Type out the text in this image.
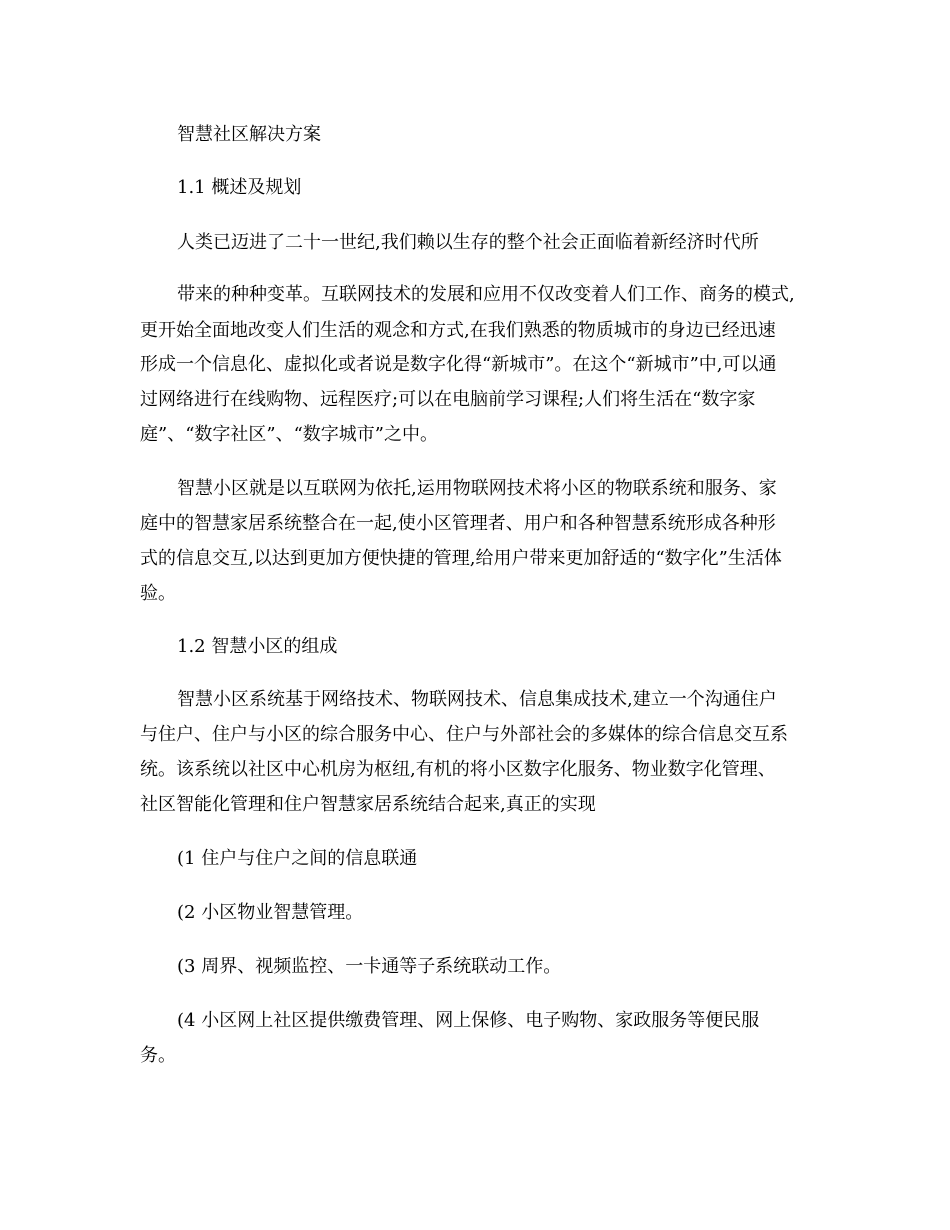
智慧社区解决方案
1.1 概述及规划
人类已迈进了二十一世纪,我们赖以生存的整个社会正面临着新经济时代所
带来的种种变革。互联网技术的发展和应用不仅改变着人们工作、商务的模式,
更开始全面地改变人们生活的观念和方式,在我们熟悉的物质城市的身边已经迅速
形成一个信息化、虚拟化或者说是数字化得“新城市”。在这个“新城市”中,可以通
过网络进行在线购物、远程医疗;可以在电脑前学习课程;人们将生活在“数字家
庭”、“数字社区”、“数字城市”之中。
智慧小区就是以互联网为依托,运用物联网技术将小区的物联系统和服务、家
庭中的智慧家居系统整合在一起,使小区管理者、用户和各种智慧系统形成各种形
式的信息交互,以达到更加方便快捷的管理,给用户带来更加舒适的“数字化”生活体
验。
1.2 智慧小区的组成
智慧小区系统基于网络技术、物联网技术、信息集成技术,建立一个沟通住户
与住户、住户与小区的综合服务中心、住户与外部社会的多媒体的综合信息交互系
统。该系统以社区中心机房为枢纽,有机的将小区数字化服务、物业数字化管理、
社区智能化管理和住户智慧家居系统结合起来,真正的实现
(1 住户与住户之间的信息联通
(2 小区物业智慧管理。
(3 周界、视频监控、一卡通等子系统联动工作。
(4 小区网上社区提供缴费管理、网上保修、电子购物、家政服务等便民服
务。
